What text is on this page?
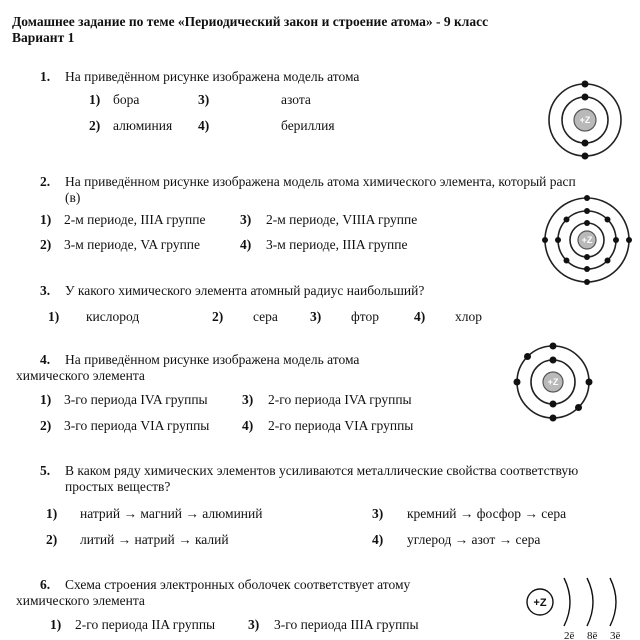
Домашнее задание по теме «Периодический закон и строение атома» - 9 класс
Вариант 1
1. На приведённом рисунке изображена модель атома
1) бора	3)	азота
2) алюминия 4)	бериллия	+Z
2. На приведённом рисунке изображена модель атома химического элемента, который расп
(в)
1) 2-м периоде, IIIA группе	3) 2-м периоде, VIIIA группе
2) 3-м периоде, VA группе	4) 3-м периоде, IIIA группе	+Z
3. У какого химического элемента атомный радиус наибольший?
1) кислород	2) сера 3) фтор	4) хлор
4. На приведённом рисунке изображена модель атома
химического элемента
1) 3-го периода IVA группы	3) 2-го периода IVA группы
2) 3-го периода VIA группы 4) 2-го периода VIA группы
+Z
5. В каком ряду химических элементов усиливаются металлические свойства соответствую
простых веществ?
1) натрий → магний → алюминий	3) кремний → фосфор → сера
2) литий → натрий → калий	4) углерод → азот → сера
6. Схема строения электронных оболочек соответствует атому
химического элемента
1) 2-го периода IIA группы 3) 3-го периода IIIA группы
+Z
2ē 8ē 3ē
